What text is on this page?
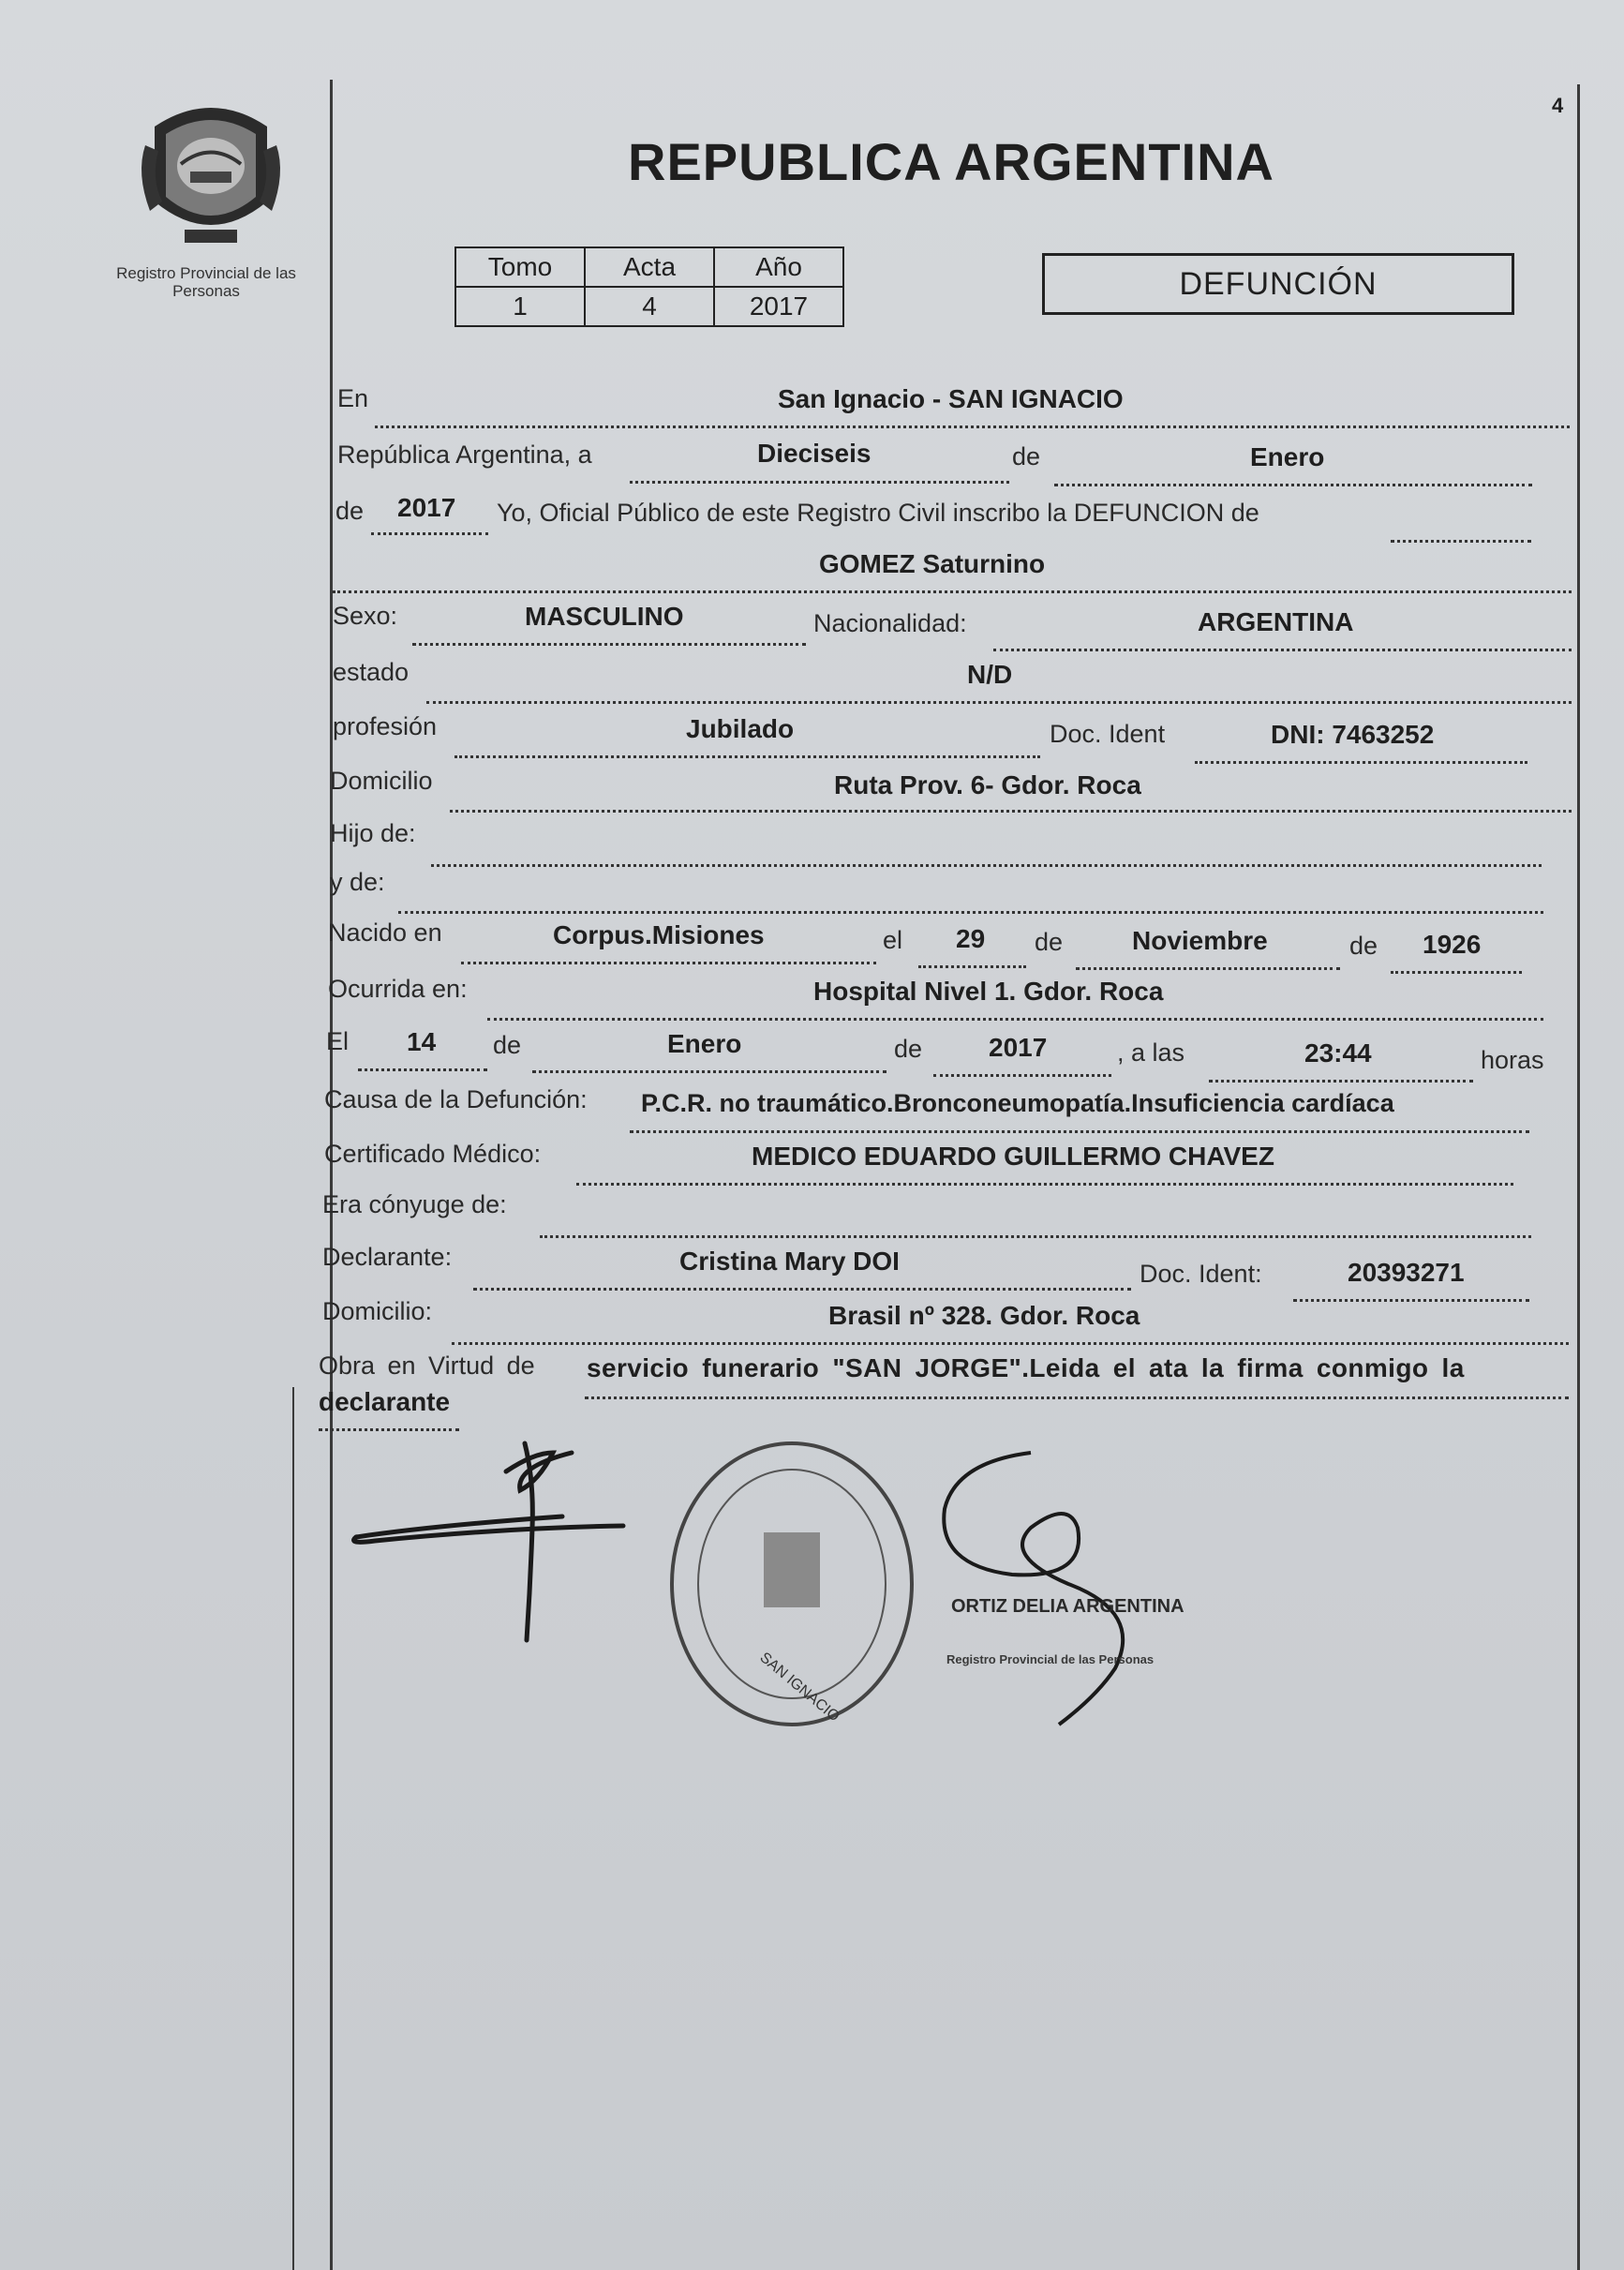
4
Registro Provincial de las Personas
REPUBLICA ARGENTINA
Tomo	Acta	Año
1	4	2017
DEFUNCIÓN
En	San Ignacio - SAN IGNACIO
República Argentina, a	Dieciseis	de	Enero
de 2017 Yo, Oficial Público de este Registro Civil inscribo la DEFUNCION de
GOMEZ Saturnino
Sexo:	MASCULINO	Nacionalidad:	ARGENTINA
estado	N/D
profesión	Jubilado	Doc. Ident	DNI: 7463252
Domicilio	Ruta Prov. 6- Gdor. Roca
Hijo de:
y de:
Nacido en	Corpus.Misiones	el 29 de	Noviembre	de 1926
Ocurrida en:	Hospital Nivel 1. Gdor. Roca
El 14 de	Enero	de	2017	, a las	23:44	horas
Causa de la Defunción: P.C.R. no traumático.Bronconeumopatía.Insuficiencia cardíaca
Certificado Médico:	MEDICO EDUARDO GUILLERMO CHAVEZ
Era cónyuge de:
Declarante:	Cristina Mary DOI	Doc. Ident:	20393271
Domicilio:	Brasil nº 328. Gdor. Roca
Obra en Virtud de servicio funerario "SAN JORGE".Leida el ata la firma conmigo la
declarante
SAN IGNACIO
ORTIZ DELIA ARGENTINA
Registro Provincial de las Personas
